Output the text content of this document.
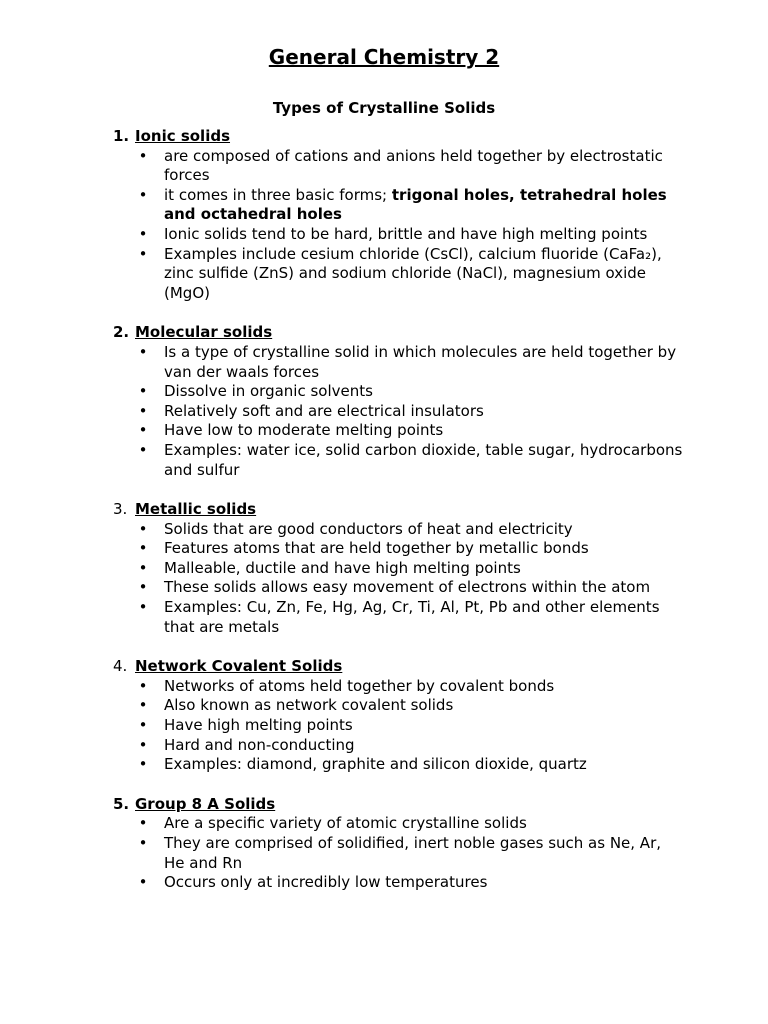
General Chemistry 2
Types of Crystalline Solids
1. Ionic solids
• are composed of cations and anions held together by electrostatic forces
• it comes in three basic forms; trigonal holes, tetrahedral holes and octahedral holes
• Ionic solids tend to be hard, brittle and have high melting points
• Examples include cesium chloride (CsCl), calcium fluoride (CaFa₂), zinc sulfide (ZnS) and sodium chloride (NaCl), magnesium oxide (MgO)
2. Molecular solids
• Is a type of crystalline solid in which molecules are held together by van der waals forces
• Dissolve in organic solvents
• Relatively soft and are electrical insulators
• Have low to moderate melting points
• Examples: water ice, solid carbon dioxide, table sugar, hydrocarbons and sulfur
3. Metallic solids
• Solids that are good conductors of heat and electricity
• Features atoms that are held together by metallic bonds
• Malleable, ductile and have high melting points
• These solids allows easy movement of electrons within the atom
• Examples: Cu, Zn, Fe, Hg, Ag, Cr, Ti, Al, Pt, Pb and other elements that are metals
4. Network Covalent Solids
• Networks of atoms held together by covalent bonds
• Also known as network covalent solids
• Have high melting points
• Hard and non-conducting
• Examples: diamond, graphite and silicon dioxide, quartz
5. Group 8 A Solids
• Are a specific variety of atomic crystalline solids
• They are comprised of solidified, inert noble gases such as Ne, Ar, He and Rn
• Occurs only at incredibly low temperatures
